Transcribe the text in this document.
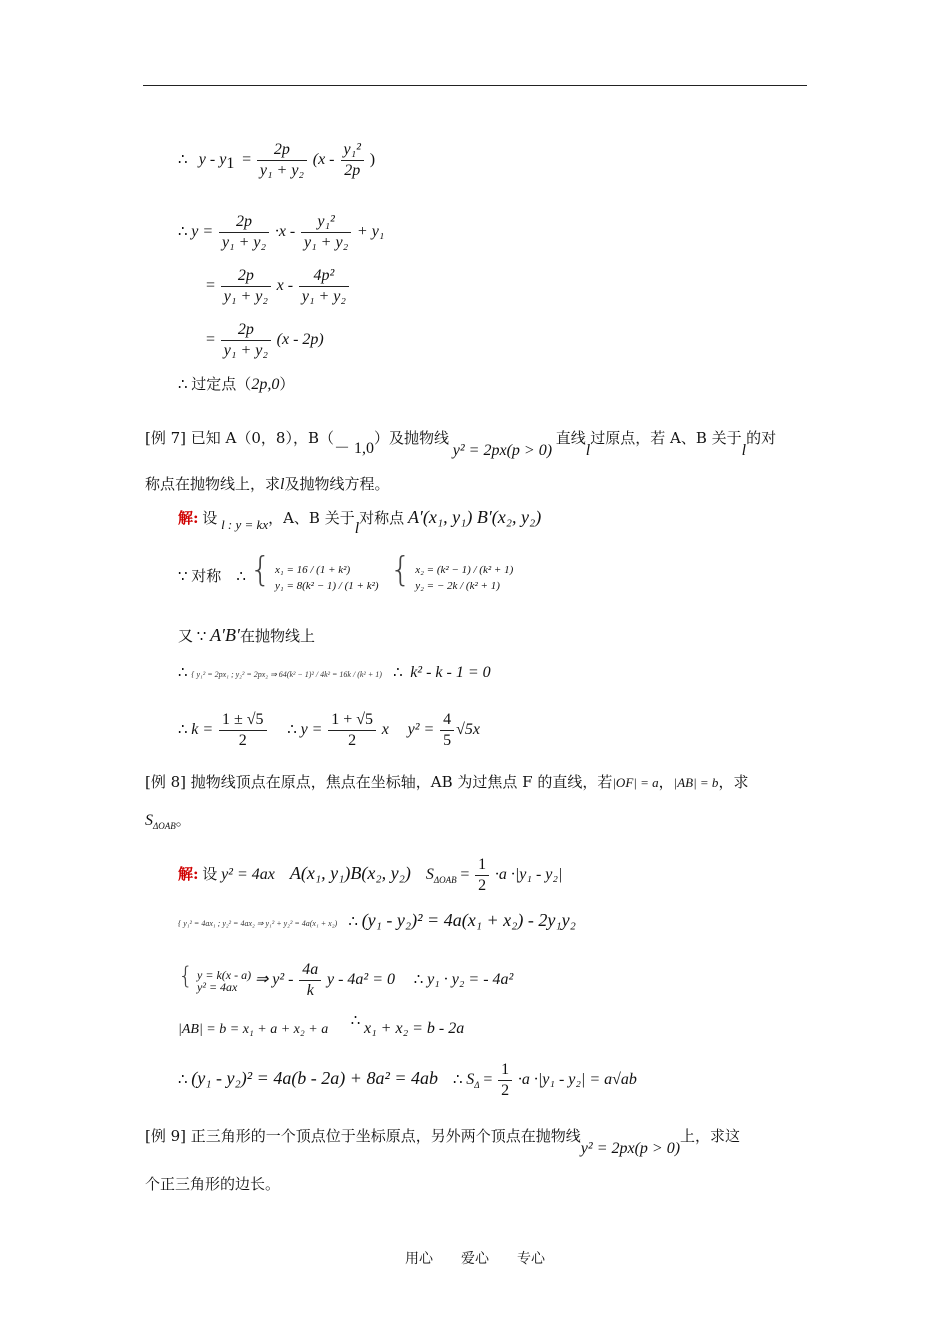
∴ $y - y_1 = \frac{2p}{\text{y₁ + y₂}} (x - \frac{\text{y₁²}}{2p}$ )
∴ $y = \frac{2p}{\text{y₁ + y₂}} \cdot x - \frac{\text{y₁²}}{\text{y₁ + y₂}} + y_1$
= $\frac{2p}{\text{y₁ + y₂}}$ x - $\frac{\text{4p²}}{\text{y₁ + y₂}}$
= $\frac{2p}{\text{y₁ + y₂}} (x - 2p)$
∴ 过定点（2p,0）
[例 7] 已知 A（0，8），B（－ 1,0）及抛物线 y² = 2px(p > 0) 直线l过原点，若 A、B 关于l的对
称点在抛物线上，求l及抛物线方程。
解: 设 l : y = kx，A、B 关于l对称点 A′(x₁, y₁) B′(x₂, y₂)
∵ 对称 ∴ { x₁ = 16 / (1 + k²)
y₁ = 8(k² − 1) / (1 + k²) { x₂ = (k² − 1) / (k² + 1)
y₂ = − 2k / (k² + 1)
又 ∵ A′B′在抛物线上
∴ { y₁² = 2px₁ ; y₂² = 2px₂ ⇒ 64(k² − 1)² / 4k² = 16k / (k² + 1) ∴ k² - k - 1 = 0
∴ $k = \frac{1 \pm √5}{2}$ ∴ $y = \frac{1 + √5}{2}$ x $y^2 = \frac{4}{5} √5x$
[例 8] 抛物线顶点在原点，焦点在坐标轴，AB 为过焦点 F 的直线，若|OF| = a，|AB| = b，求
$S_{\Delta OAB}$。
解: 设 y² = 4ax A(x₁, y₁)B(x₂, y₂) $S_{\Delta OAB} = \frac{1}{2} \cdot a \cdot|y_1 - y_2|$
{ y₁² = 4ax₁ ; y₂² = 4ax₂ ⇒ y₁² + y₂² = 4a(x₁ + x₂) ∴ (y₁ - y₂)² = 4a(x₁ + x₂) - 2y₁y₂
{ y = k(x - a)
y² = 4ax	⇒ $y^2 - \frac{4a}{k}$ y - 4a² = 0 ∴ y₁ · y₂ = - 4a²
|AB| = b = x₁ + a + x₂ + a      ∴ x₁ + x₂ = b - 2a
∴ (y₁ - y₂)² = 4a(b - 2a) + 8a² = 4ab ∴ $S_\Delta = \frac{1}{2} \cdot a \cdot|y_1 - y_2| = a√ab$
[例 9] 正三角形的一个顶点位于坐标原点，另外两个顶点在抛物线y² = 2px(p > 0)上，求这
个正三角形的边长。
用心　　爱心　　专心
